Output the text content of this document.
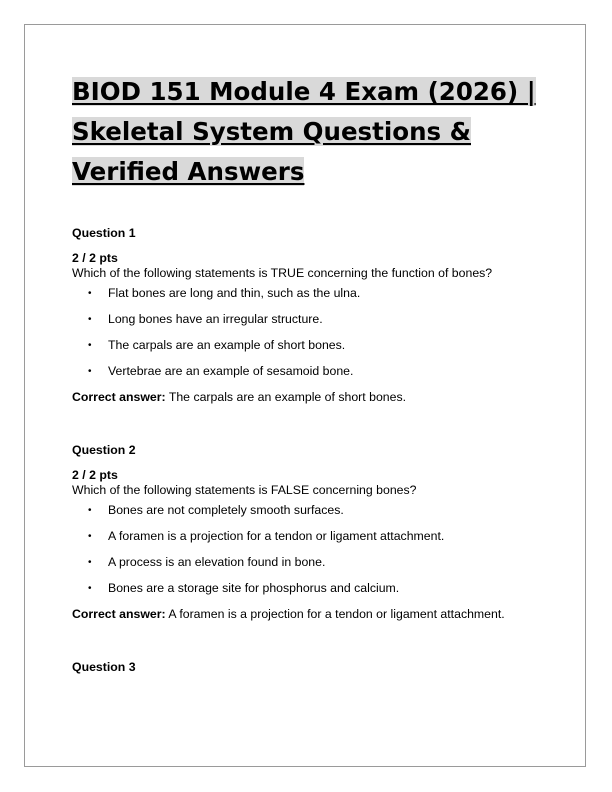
BIOD 151 Module 4 Exam (2026) | Skeletal System Questions & Verified Answers

Question 1

2 / 2 pts

Which of the following statements is TRUE concerning the function of bones?

• Flat bones are long and thin, such as the ulna.
• Long bones have an irregular structure.
• The carpals are an example of short bones.
• Vertebrae are an example of sesamoid bone.

Correct answer: The carpals are an example of short bones.

Question 2

2 / 2 pts

Which of the following statements is FALSE concerning bones?

• Bones are not completely smooth surfaces.
• A foramen is a projection for a tendon or ligament attachment.
• A process is an elevation found in bone.
• Bones are a storage site for phosphorus and calcium.

Correct answer: A foramen is a projection for a tendon or ligament attachment.

Question 3
